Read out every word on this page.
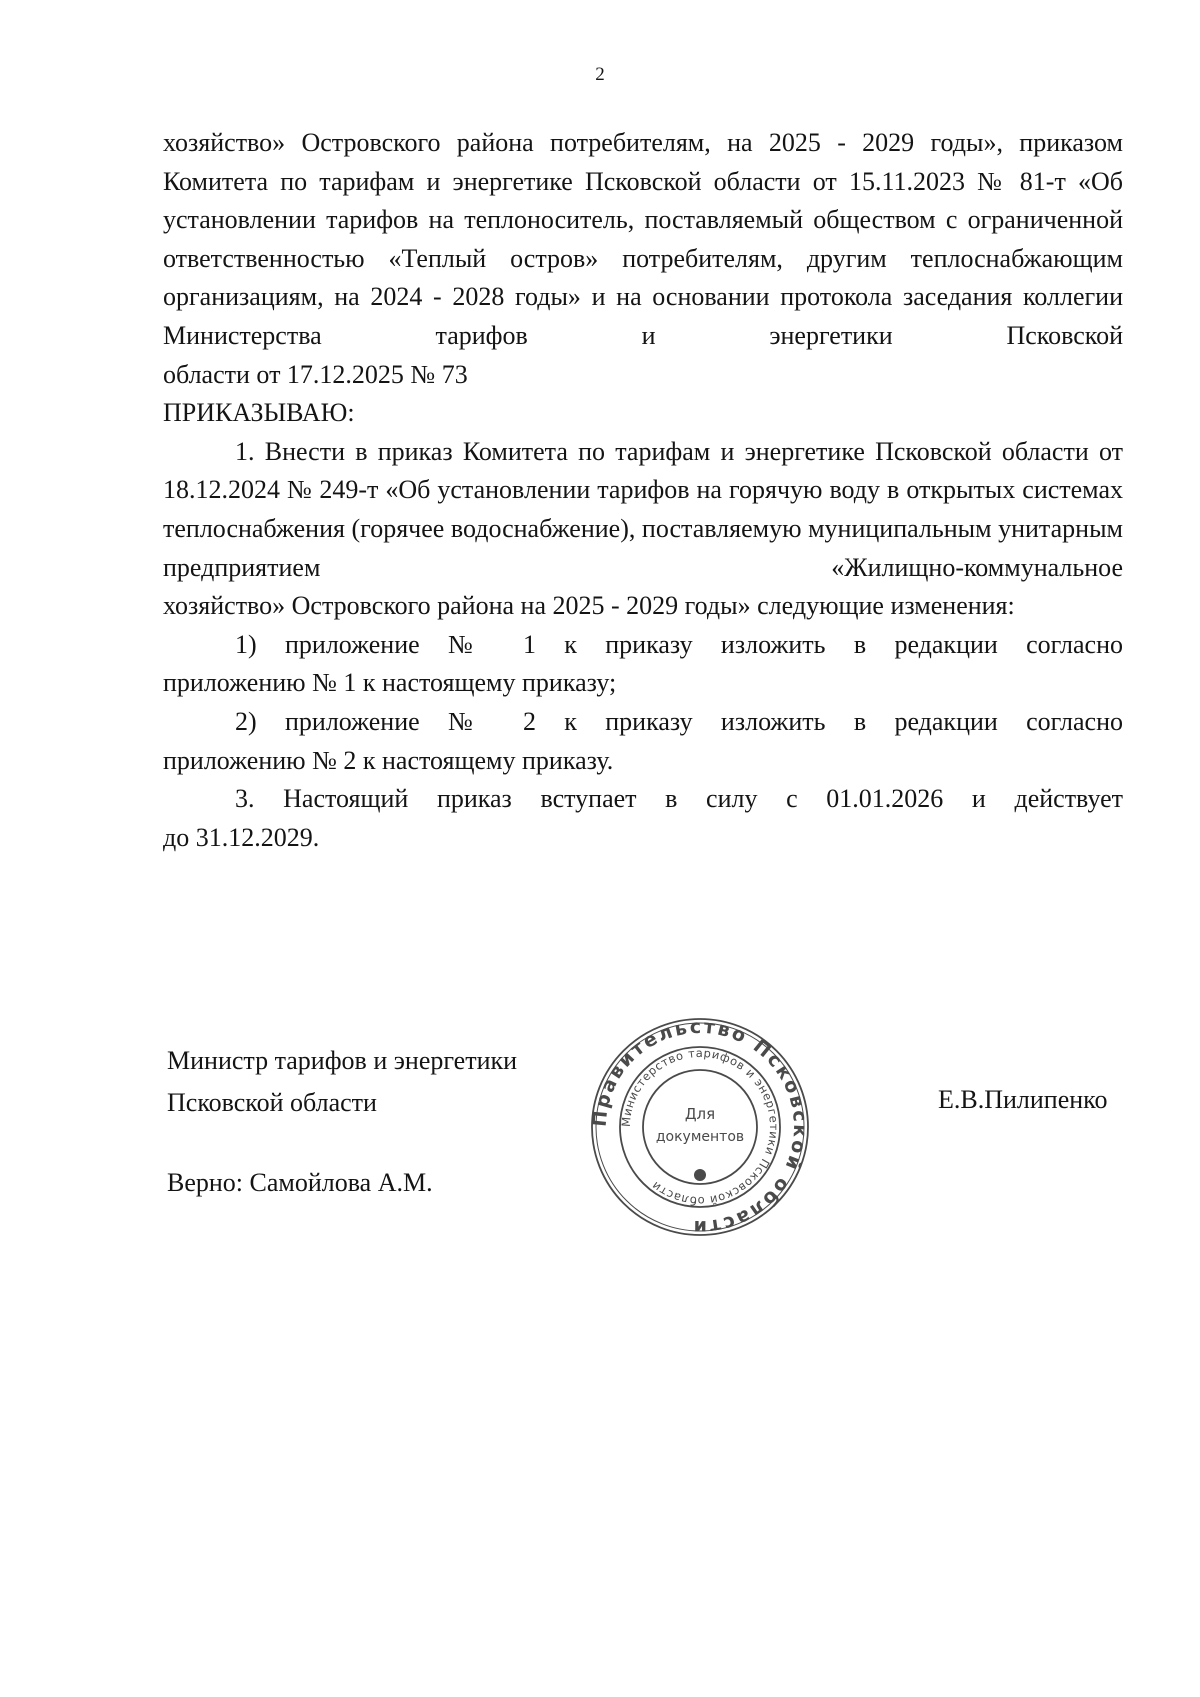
2

хозяйство» Островского района потребителям, на 2025 - 2029 годы», приказом Комитета по тарифам и энергетике Псковской области от 15.11.2023 № 81-т «Об установлении тарифов на теплоноситель, поставляемый обществом с ограниченной ответственностью «Теплый остров» потребителям, другим теплоснабжающим организациям, на 2024 - 2028 годы» и на основании протокола заседания коллегии Министерства тарифов и энергетики Псковской

области от 17.12.2025 № 73

ПРИКАЗЫВАЮ:

1. Внести в приказ Комитета по тарифам и энергетике Псковской области от 18.12.2024 № 249-т «Об установлении тарифов на горячую воду в открытых системах теплоснабжения (горячее водоснабжение), поставляемую муниципальным унитарным предприятием «Жилищно-коммунальное

хозяйство» Островского района на 2025 - 2029 годы» следующие изменения:

1) приложение № 1 к приказу изложить в редакции согласно

приложению № 1 к настоящему приказу;

2) приложение № 2 к приказу изложить в редакции согласно

приложению № 2 к настоящему приказу.

3. Настоящий приказ вступает в силу с 01.01.2026 и действует

до 31.12.2029.

Министр тарифов и энергетики
Псковской области	Е.В.Пилипенко
Верно: Самойлова А.М.
Правительство Псковской области
Министерство тарифов и энергетики Псковской области
Для
документов
